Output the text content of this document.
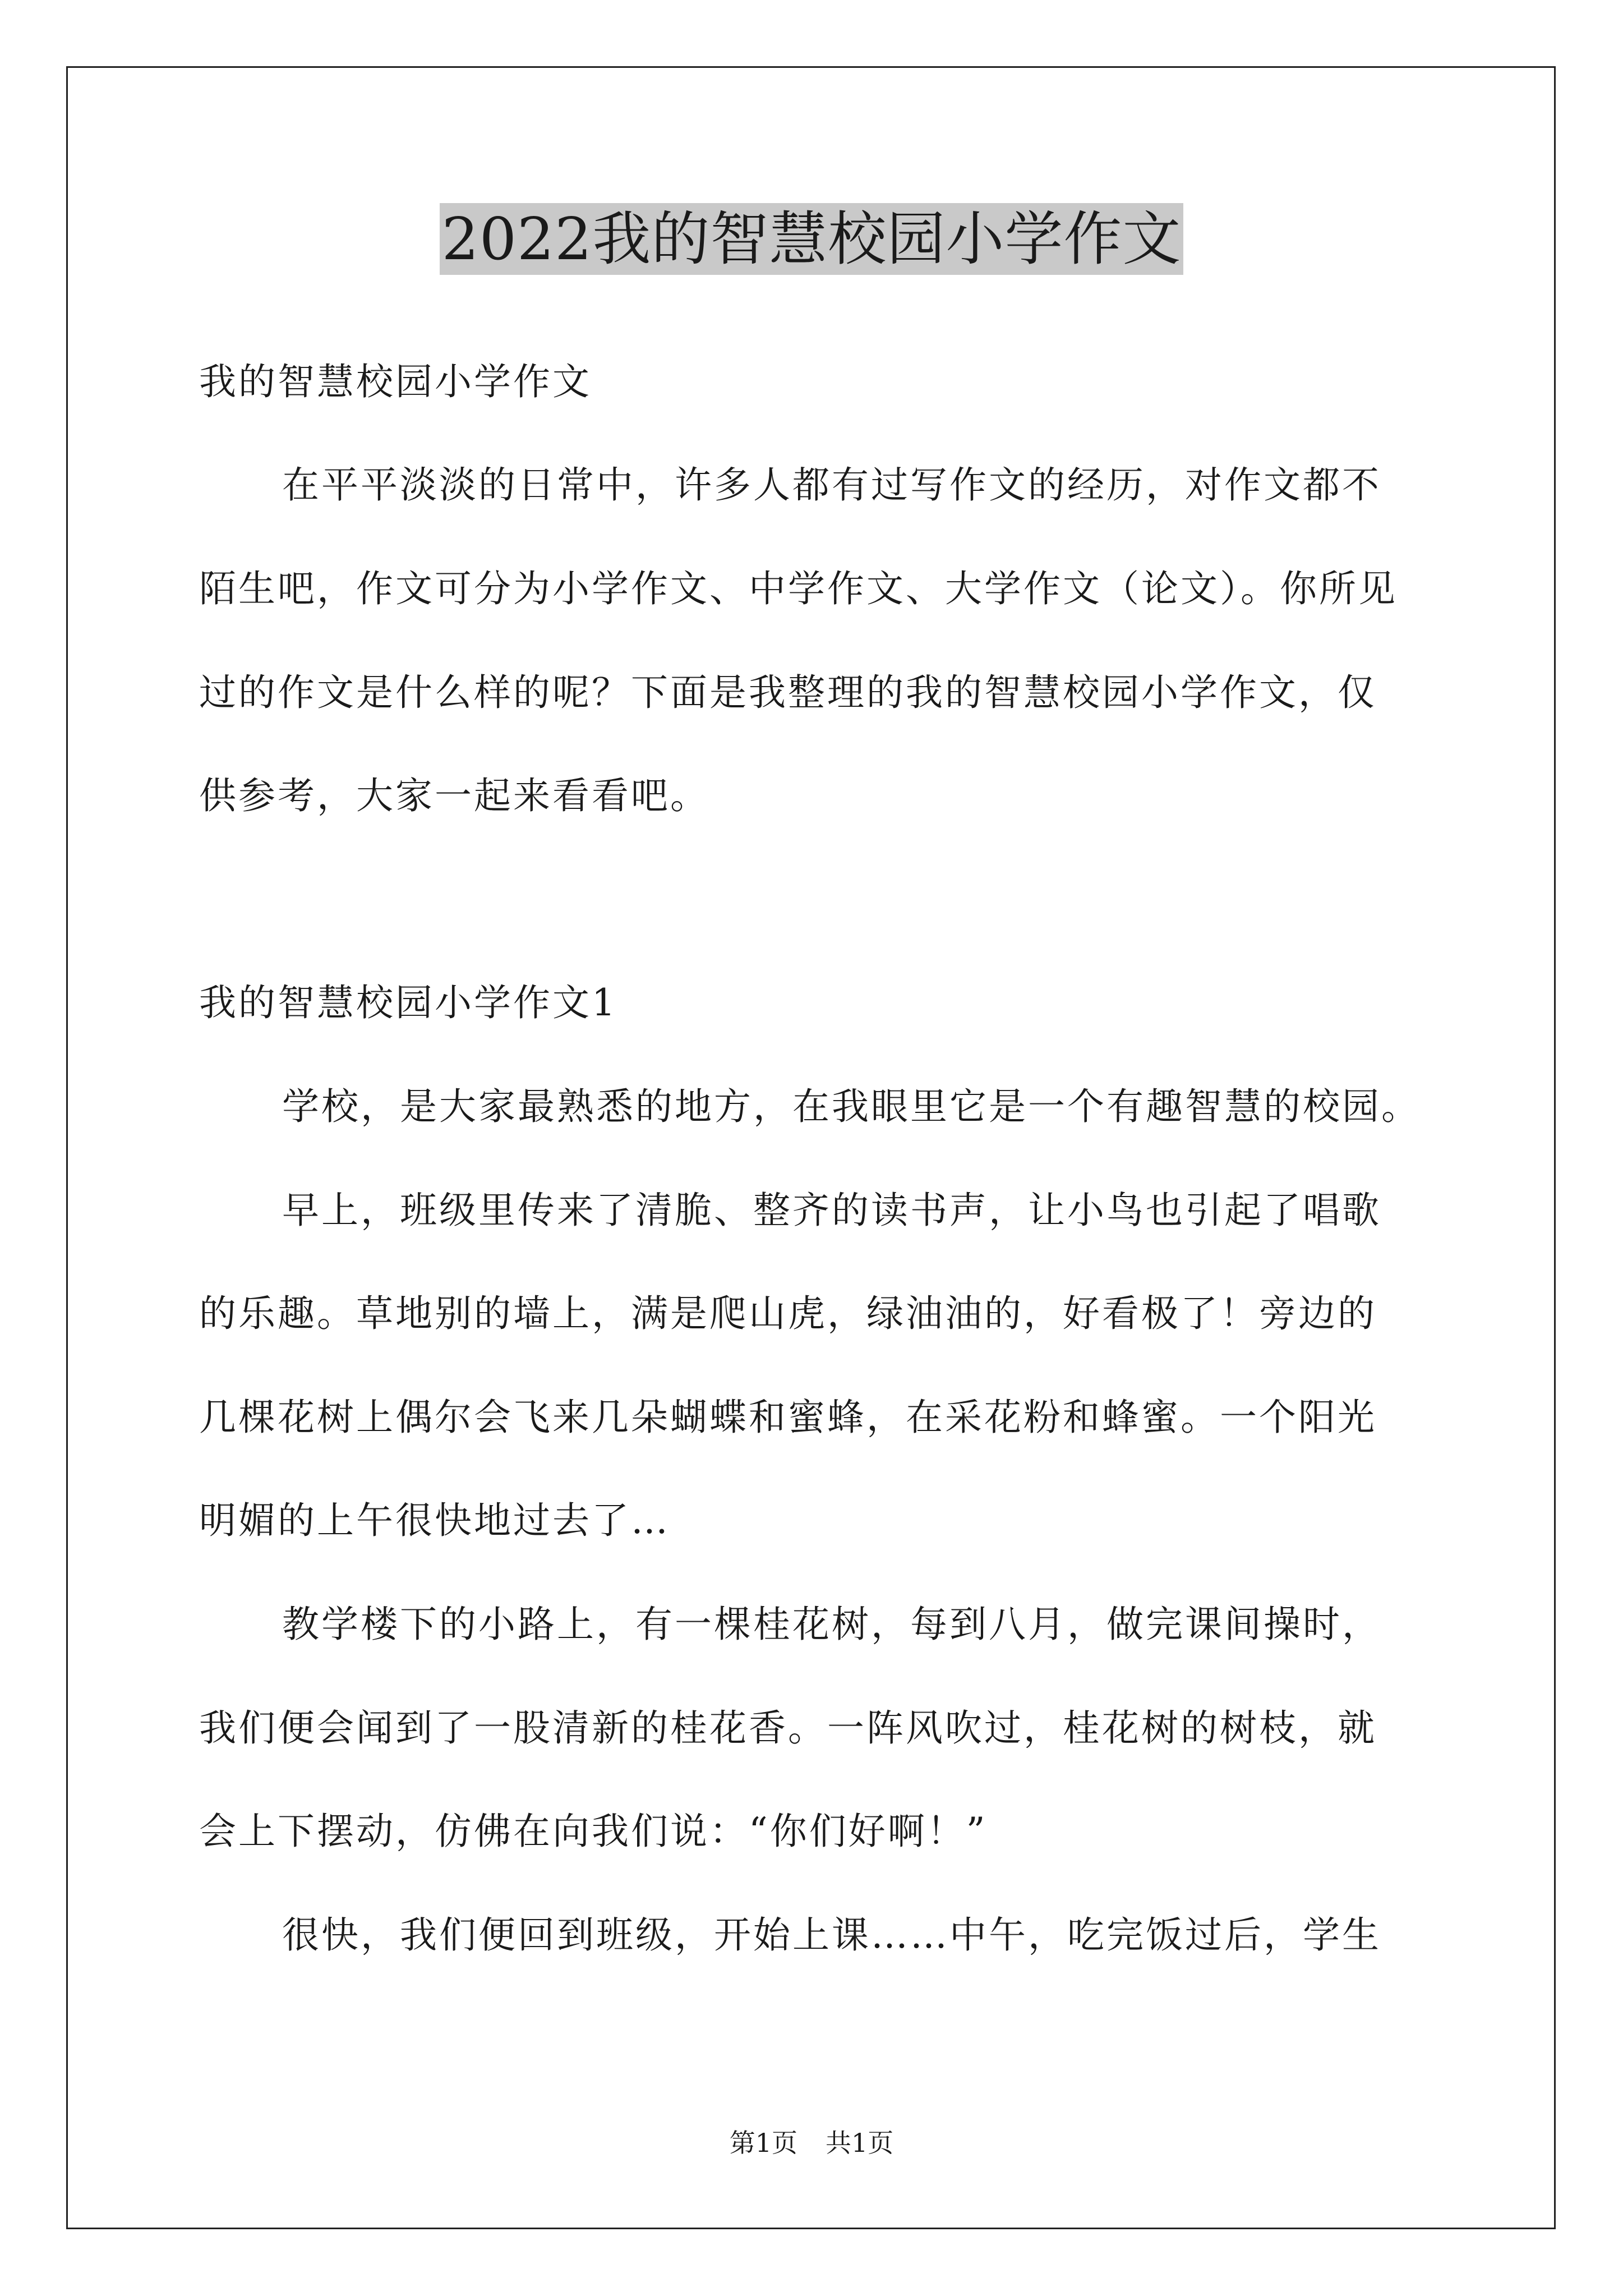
2022我的智慧校园小学作文
我的智慧校园小学作文
在平平淡淡的日常中，许多人都有过写作文的经历，对作文都不
陌生吧，作文可分为小学作文、中学作文、大学作文（论文）。你所见
过的作文是什么样的呢？下面是我整理的我的智慧校园小学作文，仅
供参考，大家一起来看看吧。
我的智慧校园小学作文1
学校，是大家最熟悉的地方，在我眼里它是一个有趣智慧的校园。
早上，班级里传来了清脆、整齐的读书声，让小鸟也引起了唱歌
的乐趣。草地别的墙上，满是爬山虎，绿油油的，好看极了！旁边的
几棵花树上偶尔会飞来几朵蝴蝶和蜜蜂，在采花粉和蜂蜜。一个阳光
明媚的上午很快地过去了…
教学楼下的小路上，有一棵桂花树，每到八月，做完课间操时，
我们便会闻到了一股清新的桂花香。一阵风吹过，桂花树的树枝，就
会上下摆动，仿佛在向我们说：“你们好啊！”
很快，我们便回到班级，开始上课……中午，吃完饭过后，学生
第1页 共1页
